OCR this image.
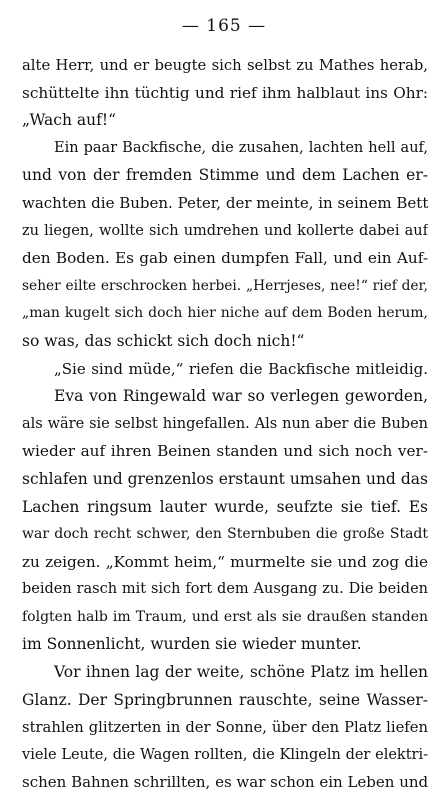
— 165 —
alte Herr, und er beugte sich selbst zu Mathes herab,
schüttelte ihn tüchtig und rief ihm halblaut ins Ohr:
„Wach auf!“
Ein paar Backfische, die zusahen, lachten hell auf,
und von der fremden Stimme und dem Lachen er-
wachten die Buben. Peter, der meinte, in seinem Bett
zu liegen, wollte sich umdrehen und kollerte dabei auf
den Boden. Es gab einen dumpfen Fall, und ein Auf-
seher eilte erschrocken herbei. „Herrjeses, nee!“ rief der,
„man kugelt sich doch hier niche auf dem Boden herum,
so was, das schickt sich doch nich!“
„Sie sind müde,“ riefen die Backfische mitleidig.
Eva von Ringewald war so verlegen geworden,
als wäre sie selbst hingefallen. Als nun aber die Buben
wieder auf ihren Beinen standen und sich noch ver-
schlafen und grenzenlos erstaunt umsahen und das
Lachen ringsum lauter wurde, seufzte sie tief. Es
war doch recht schwer, den Sternbuben die große Stadt
zu zeigen. „Kommt heim,“ murmelte sie und zog die
beiden rasch mit sich fort dem Ausgang zu. Die beiden
folgten halb im Traum, und erst als sie draußen standen
im Sonnenlicht, wurden sie wieder munter.
Vor ihnen lag der weite, schöne Platz im hellen
Glanz. Der Springbrunnen rauschte, seine Wasser-
strahlen glitzerten in der Sonne, über den Platz liefen
viele Leute, die Wagen rollten, die Klingeln der elektri-
schen Bahnen schrillten, es war schon ein Leben und
